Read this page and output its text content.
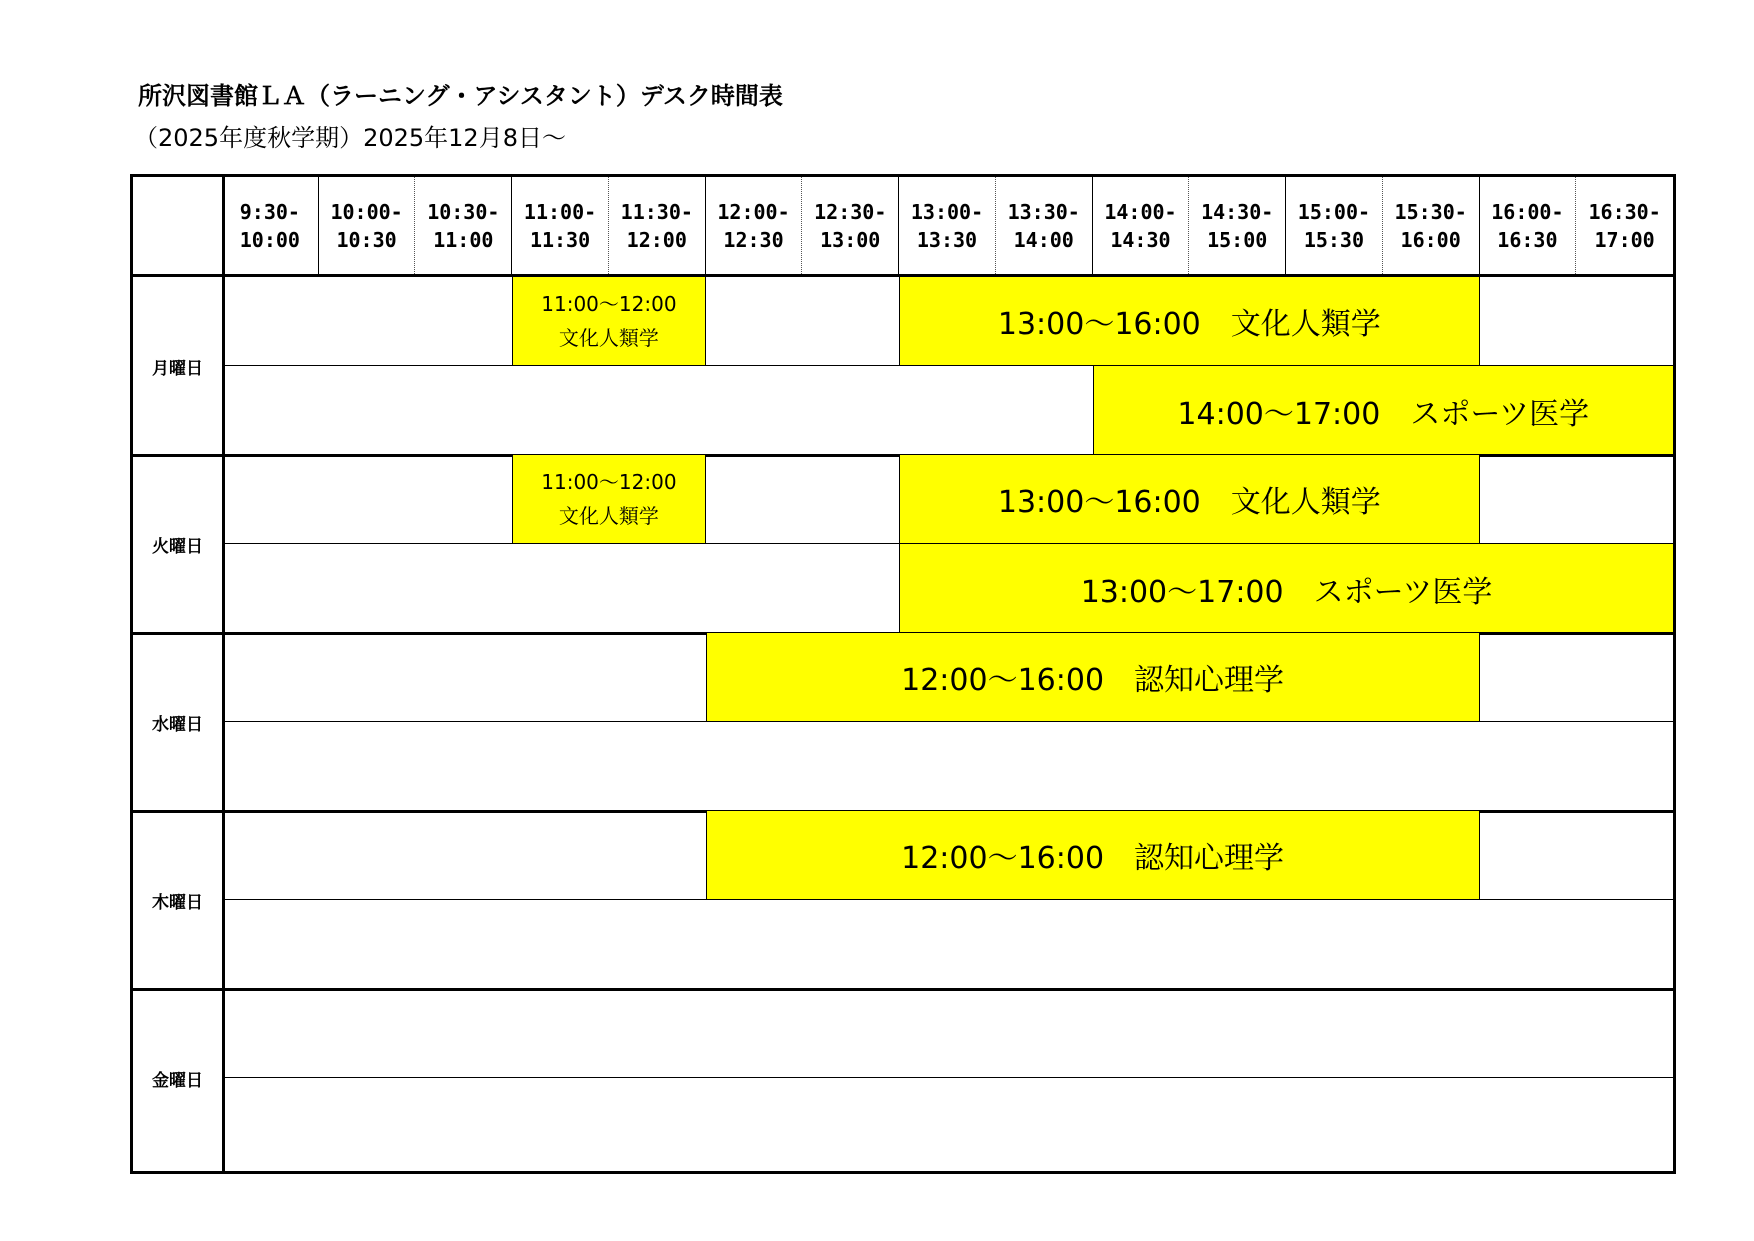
所沢図書館ＬＡ（ラーニング・アシスタント）デスク時間表
（2025年度秋学期）2025年12月8日～
9:30-
10:00
10:00-
10:30
10:30-
11:00
11:00-
11:30
11:30-
12:00
12:00-
12:30
12:30-
13:00
13:00-
13:30
13:30-
14:00
14:00-
14:30
14:30-
15:00
15:00-
15:30
15:30-
16:00
16:00-
16:30
16:30-
17:00
月曜日
11:00～12:00
文化人類学	13:00～16:00　文化人類学
14:00～17:00　スポーツ医学
火曜日
11:00～12:00
文化人類学	13:00～16:00　文化人類学
13:00～17:00　スポーツ医学
水曜日
12:00～16:00　認知心理学
木曜日
12:00～16:00　認知心理学
金曜日
